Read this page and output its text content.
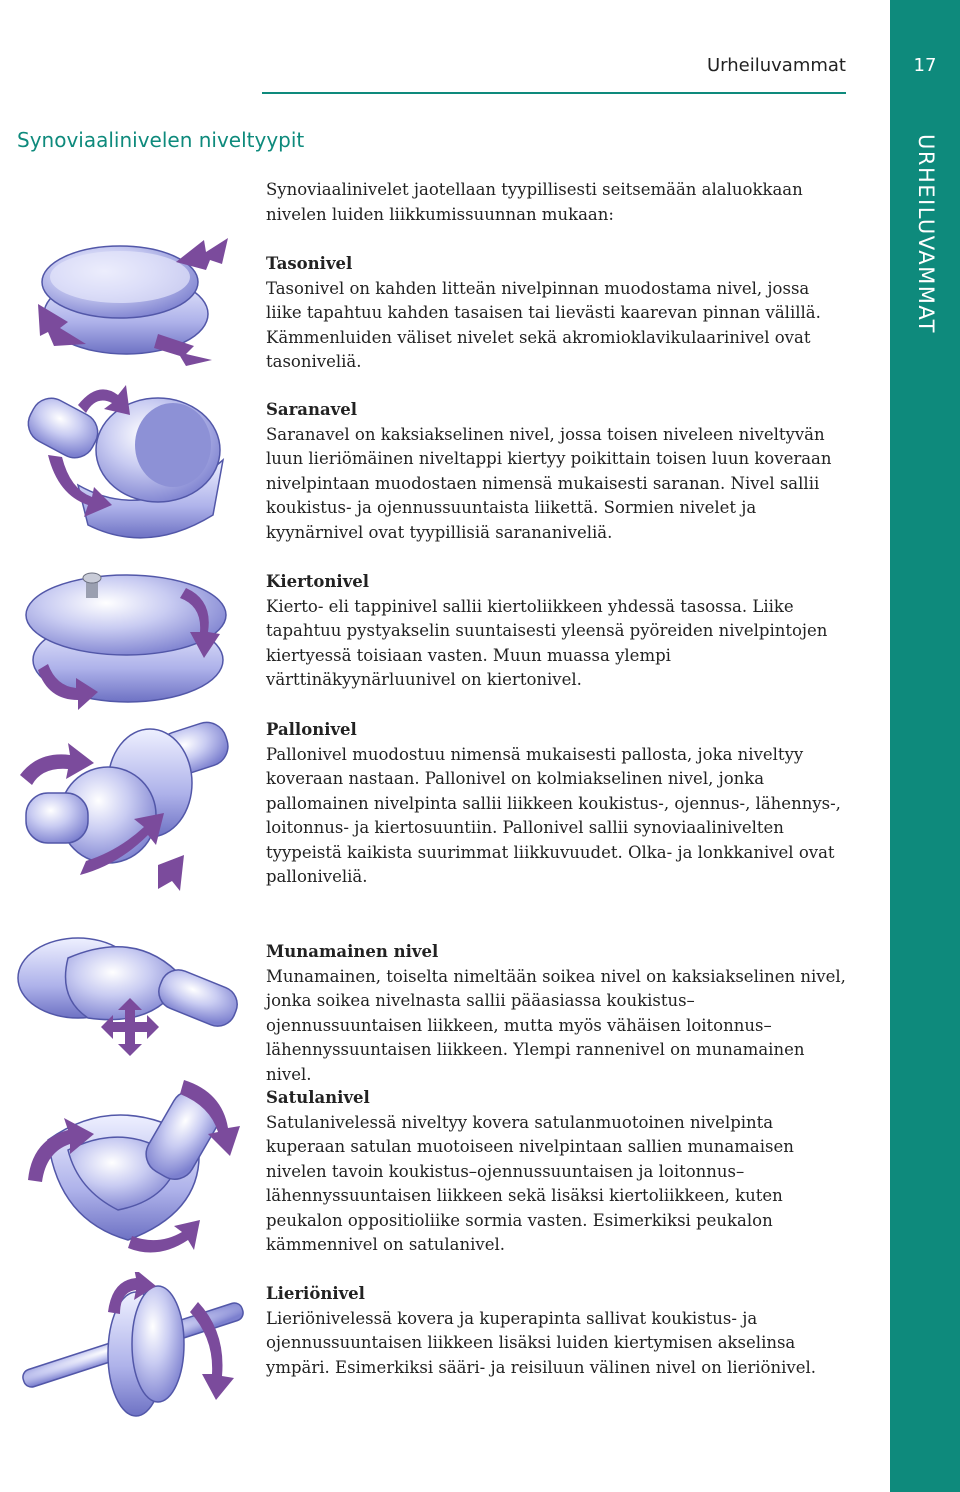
17
URHEILUVAMMAT
Urheiluvammat
Synoviaalinivelen niveltyypit

Synoviaalinivelet jaotellaan tyypillisesti seitsemään alaluokkaan nivelen luiden liikkumissuunnan mukaan:

Tasonivel

Tasonivel on kahden litteän nivelpinnan muodostama nivel, jossa liike tapahtuu kahden tasaisen tai lievästi kaarevan pinnan välillä. Kämmenluiden väliset nivelet sekä akromioklavikulaarinivel ovat tasoniveliä.

Saranavel

Saranavel on kaksiakselinen nivel, jossa toisen niveleen niveltyvän luun lieriömäinen niveltappi kiertyy poikittain toisen luun koveraan nivelpintaan muodostaen nimensä mukaisesti saranan. Nivel sallii koukistus- ja ojennussuuntaista liikettä. Sormien nivelet ja kyynärnivel ovat tyypillisiä sarananiveliä.

Kiertonivel

Kierto- eli tappinivel sallii kiertoliikkeen yhdessä tasossa. Liike tapahtuu pystyakselin suuntaisesti yleensä pyöreiden nivelpintojen kiertyessä toisiaan vasten. Muun muassa ylempi värttinäkyynärluunivel on kiertonivel.

Pallonivel

Pallonivel muodostuu nimensä mukaisesti pallosta, joka niveltyy koveraan nastaan. Pallonivel on kolmiakselinen nivel, jonka pallomainen nivelpinta sallii liikkeen koukistus-, ojennus-, lähennys-, loitonnus- ja kiertosuuntiin. Pallonivel sallii synoviaalinivelten tyypeistä kaikista suurimmat liikkuvuudet. Olka- ja lonkkanivel ovat palloniveliä.

Munamainen nivel

Munamainen, toiselta nimeltään soikea nivel on kaksiakselinen nivel, jonka soikea nivelnasta sallii pääasiassa koukistus–ojennussuuntaisen liikkeen, mutta myös vähäisen loitonnus–lähennyssuuntaisen liikkeen. Ylempi rannenivel on munamainen nivel.

Satulanivel

Satulanivelessä niveltyy kovera satulanmuotoinen nivelpinta kuperaan satulan muotoiseen nivelpintaan sallien munamaisen nivelen tavoin koukistus–ojennussuuntaisen ja loitonnus–lähennyssuuntaisen liikkeen sekä lisäksi kiertoliikkeen, kuten peukalon oppositioliike sormia vasten. Esimerkiksi peukalon kämmennivel on satulanivel.

Lieriönivel

Lieriönivelessä kovera ja kuperapinta sallivat koukistus- ja ojennussuuntaisen liikkeen lisäksi luiden kiertymisen akselinsa ympäri. Esimerkiksi sääri- ja reisiluun välinen nivel on lieriönivel.
